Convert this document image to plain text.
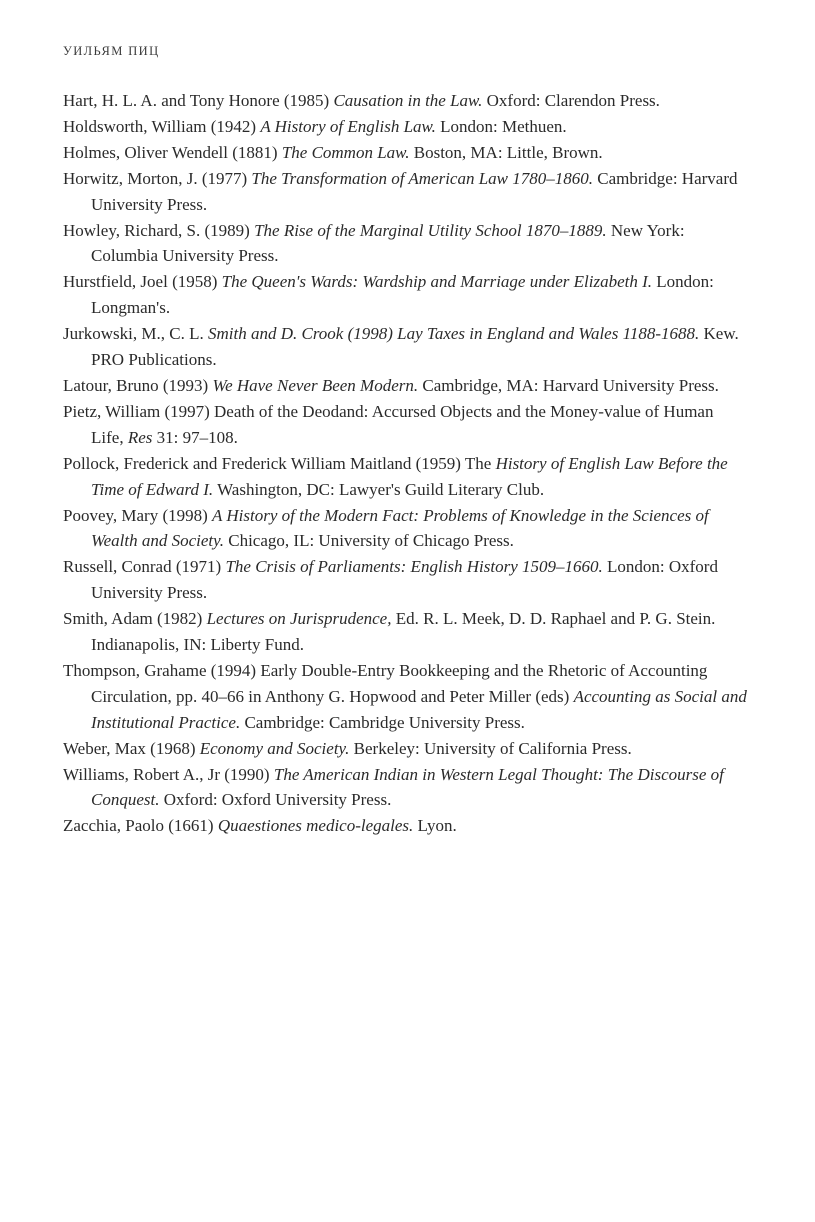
УИЛЬЯМ ПИЦ
Hart, H. L. A. and Tony Honore (1985) Causation in the Law. Oxford: Clarendon Press.
Holdsworth, William (1942) A History of English Law. London: Methuen.
Holmes, Oliver Wendell (1881) The Common Law. Boston, MA: Little, Brown.
Horwitz, Morton, J. (1977) The Transformation of American Law 1780–1860. Cambridge: Harvard University Press.
Howley, Richard, S. (1989) The Rise of the Marginal Utility School 1870–1889. New York: Columbia University Press.
Hurstfield, Joel (1958) The Queen's Wards: Wardship and Marriage under Elizabeth I. London: Longman's.
Jurkowski, M., C. L. Smith and D. Crook (1998) Lay Taxes in England and Wales 1188-1688. Kew. PRO Publications.
Latour, Bruno (1993) We Have Never Been Modern. Cambridge, MA: Harvard University Press.
Pietz, William (1997) Death of the Deodand: Accursed Objects and the Money-value of Human Life, Res 31: 97–108.
Pollock, Frederick and Frederick William Maitland (1959) The History of English Law Before the Time of Edward I. Washington, DC: Lawyer's Guild Literary Club.
Poovey, Mary (1998) A History of the Modern Fact: Problems of Knowledge in the Sciences of Wealth and Society. Chicago, IL: University of Chicago Press.
Russell, Conrad (1971) The Crisis of Parliaments: English History 1509–1660. London: Oxford University Press.
Smith, Adam (1982) Lectures on Jurisprudence, Ed. R. L. Meek, D. D. Raphael and P. G. Stein. Indianapolis, IN: Liberty Fund.
Thompson, Grahame (1994) Early Double-Entry Bookkeeping and the Rhetoric of Accounting Circulation, pp. 40–66 in Anthony G. Hopwood and Peter Miller (eds) Accounting as Social and Institutional Practice. Cambridge: Cambridge University Press.
Weber, Max (1968) Economy and Society. Berkeley: University of California Press.
Williams, Robert A., Jr (1990) The American Indian in Western Legal Thought: The Discourse of Conquest. Oxford: Oxford University Press.
Zacchia, Paolo (1661) Quaestiones medico-legales. Lyon.
